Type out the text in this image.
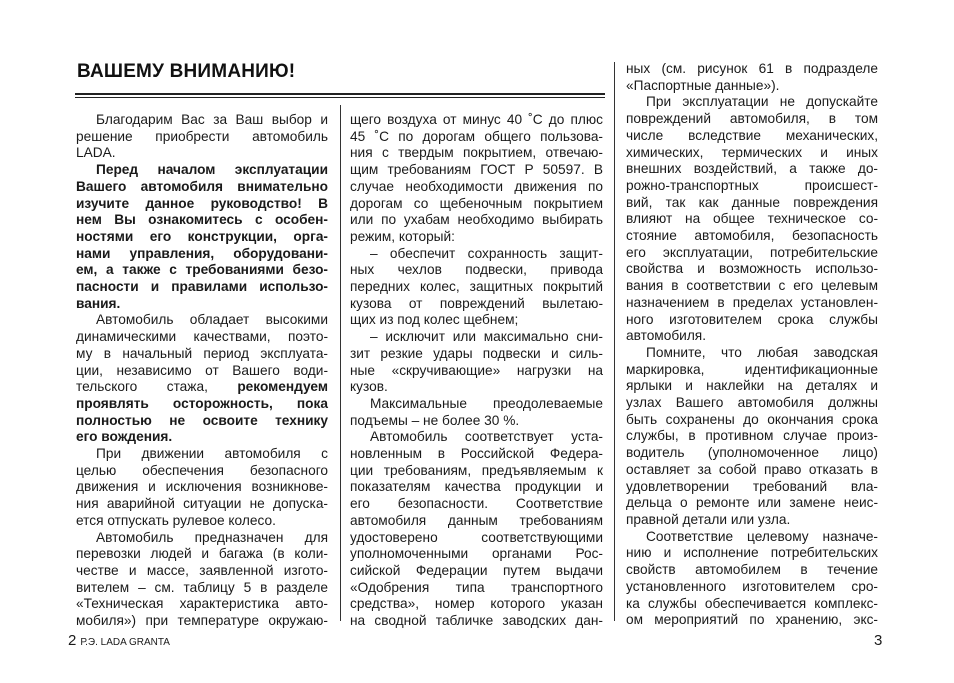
ВАШЕМУ ВНИМАНИЮ!
Благодарим Вас за Ваш выбор и
решение приобрести автомобиль
LADA.
Перед началом эксплуатации
Вашего автомобиля внимательно
изучите данное руководство! В
нем Вы ознакомитесь с особен-
ностями его конструкции, орга-
нами управления, оборудовани-
ем, а также с требованиями безо-
пасности и правилами использо-
вания.
Автомобиль обладает высокими
динамическими качествами, поэто-
му в начальный период эксплуата-
ции, независимо от Вашего води-
тельского стажа, рекомендуем
проявлять осторожность, пока
полностью не освоите технику
его вождения.
При движении автомобиля с
целью обеспечения безопасного
движения и исключения возникнове-
ния аварийной ситуации не допуска-
ется отпускать рулевое колесо.
Автомобиль предназначен для
перевозки людей и багажа (в коли-
честве и массе, заявленной изгото-
вителем – см. таблицу 5 в разделе
«Техническая характеристика авто-
мобиля») при температуре окружаю-
щего воздуха от минус 40 ˚С до плюс
45 ˚С по дорогам общего пользова-
ния с твердым покрытием, отвечаю-
щим требованиям ГОСТ Р 50597. В
случае необходимости движения по
дорогам со щебеночным покрытием
или по ухабам необходимо выбирать
режим, который:
– обеспечит сохранность защит-
ных чехлов подвески, привода
передних колес, защитных покрытий
кузова от повреждений вылетаю-
щих из под колес щебнем;
– исключит или максимально сни-
зит резкие удары подвески и силь-
ные «скручивающие» нагрузки на
кузов.
Максимальные преодолеваемые
подъемы – не более 30 %.
Автомобиль соответствует уста-
новленным в Российской Федера-
ции требованиям, предъявляемым к
показателям качества продукции и
его безопасности. Соответствие
автомобиля данным требованиям
удостоверено соответствующими
уполномоченными органами Рос-
сийской Федерации путем выдачи
«Одобрения типа транспортного
средства», номер которого указан
на сводной табличке заводских дан-
ных (см. рисунок 61 в подразделе
«Паспортные данные»).
При эксплуатации не допускайте
повреждений автомобиля, в том
числе вследствие механических,
химических, термических и иных
внешних воздействий, а также до-
рожно-транспортных происшест-
вий, так как данные повреждения
влияют на общее техническое со-
стояние автомобиля, безопасность
его эксплуатации, потребительские
свойства и возможность использо-
вания в соответствии с его целевым
назначением в пределах установлен-
ного изготовителем срока службы
автомобиля.
Помните, что любая заводская
маркировка, идентификационные
ярлыки и наклейки на деталях и
узлах Вашего автомобиля должны
быть сохранены до окончания срока
службы, в противном случае произ-
водитель (уполномоченное лицо)
оставляет за собой право отказать в
удовлетворении требований вла-
дельца о ремонте или замене неис-
правной детали или узла.
Соответствие целевому назначе-
нию и исполнение потребительских
свойств автомобилем в течение
установленного изготовителем сро-
ка службы обеспечивается комплекс-
ом мероприятий по хранению, экс-
2 Р.Э. LADA GRANTA	3
